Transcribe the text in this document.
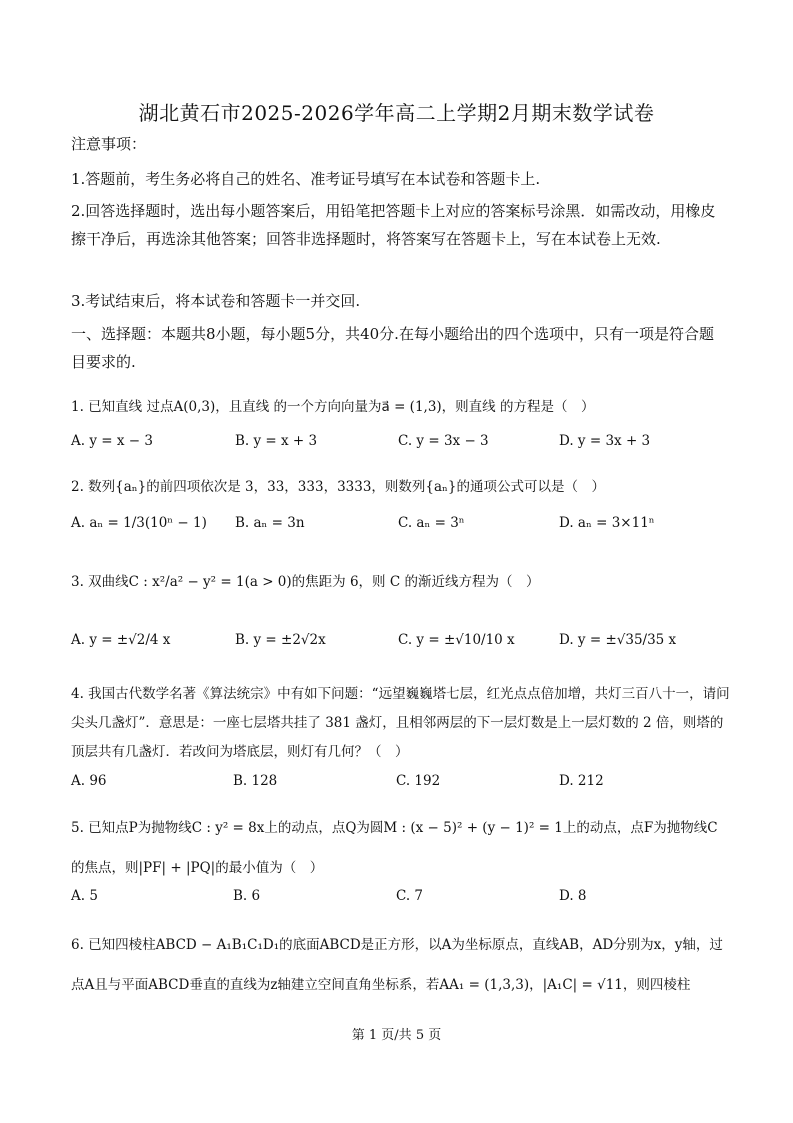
湖北黄石市2025-2026学年高二上学期2月期末数学试卷
注意事项：
1.答题前，考生务必将自己的姓名、准考证号填写在本试卷和答题卡上.
2.回答选择题时，选出每小题答案后，用铅笔把答题卡上对应的答案标号涂黑．如需改动，用橡皮擦干净后，再选涂其他答案；回答非选择题时，将答案写在答题卡上，写在本试卷上无效.
3.考试结束后，将本试卷和答题卡一并交回.
一、选择题：本题共8小题，每小题5分，共40分.在每小题给出的四个选项中，只有一项是符合题目要求的.
1. 已知直线 过点A(0,3)，且直线 的一个方向向量为a⃗ = (1,3)，则直线 的方程是（　）
A. y = x − 3	B. y = x + 3	C. y = 3x − 3	D. y = 3x + 3
2. 数列{aₙ}的前四项依次是 3，33，333，3333，则数列{aₙ}的通项公式可以是（　）
A. aₙ = 1/3(10ⁿ − 1) B. aₙ = 3n	C. aₙ = 3ⁿ	D. aₙ = 3×11ⁿ
3. 双曲线C : x²/a² − y² = 1(a > 0)的焦距为 6，则 C 的渐近线方程为（　）
A. y = ±√2/4 x	B. y = ±2√2x	C. y = ±√10/10 x	D. y = ±√35/35 x
4. 我国古代数学名著《算法统宗》中有如下问题：“远望巍巍塔七层，红光点点倍加增，共灯三百八十一，请问尖头几盏灯”．意思是：一座七层塔共挂了 381 盏灯，且相邻两层的下一层灯数是上一层灯数的 2 倍，则塔的顶层共有几盏灯．若改问为塔底层，则灯有几何？（　）
A. 96	B. 128	C. 192	D. 212
5. 已知点P为抛物线C : y² = 8x上的动点，点Q为圆M : (x − 5)² + (y − 1)² = 1上的动点，点F为抛物线C 的焦点，则|PF| + |PQ|的最小值为（　）
A. 5	B. 6	C. 7	D. 8
6. 已知四棱柱ABCD − A₁B₁C₁D₁的底面ABCD是正方形，以A为坐标原点，直线AB，AD分别为x，y轴，过点A且与平面ABCD垂直的直线为z轴建立空间直角坐标系，若AA₁ = (1,3,3)，|A₁C| = √11，则四棱柱
第 1 页/共 5 页
